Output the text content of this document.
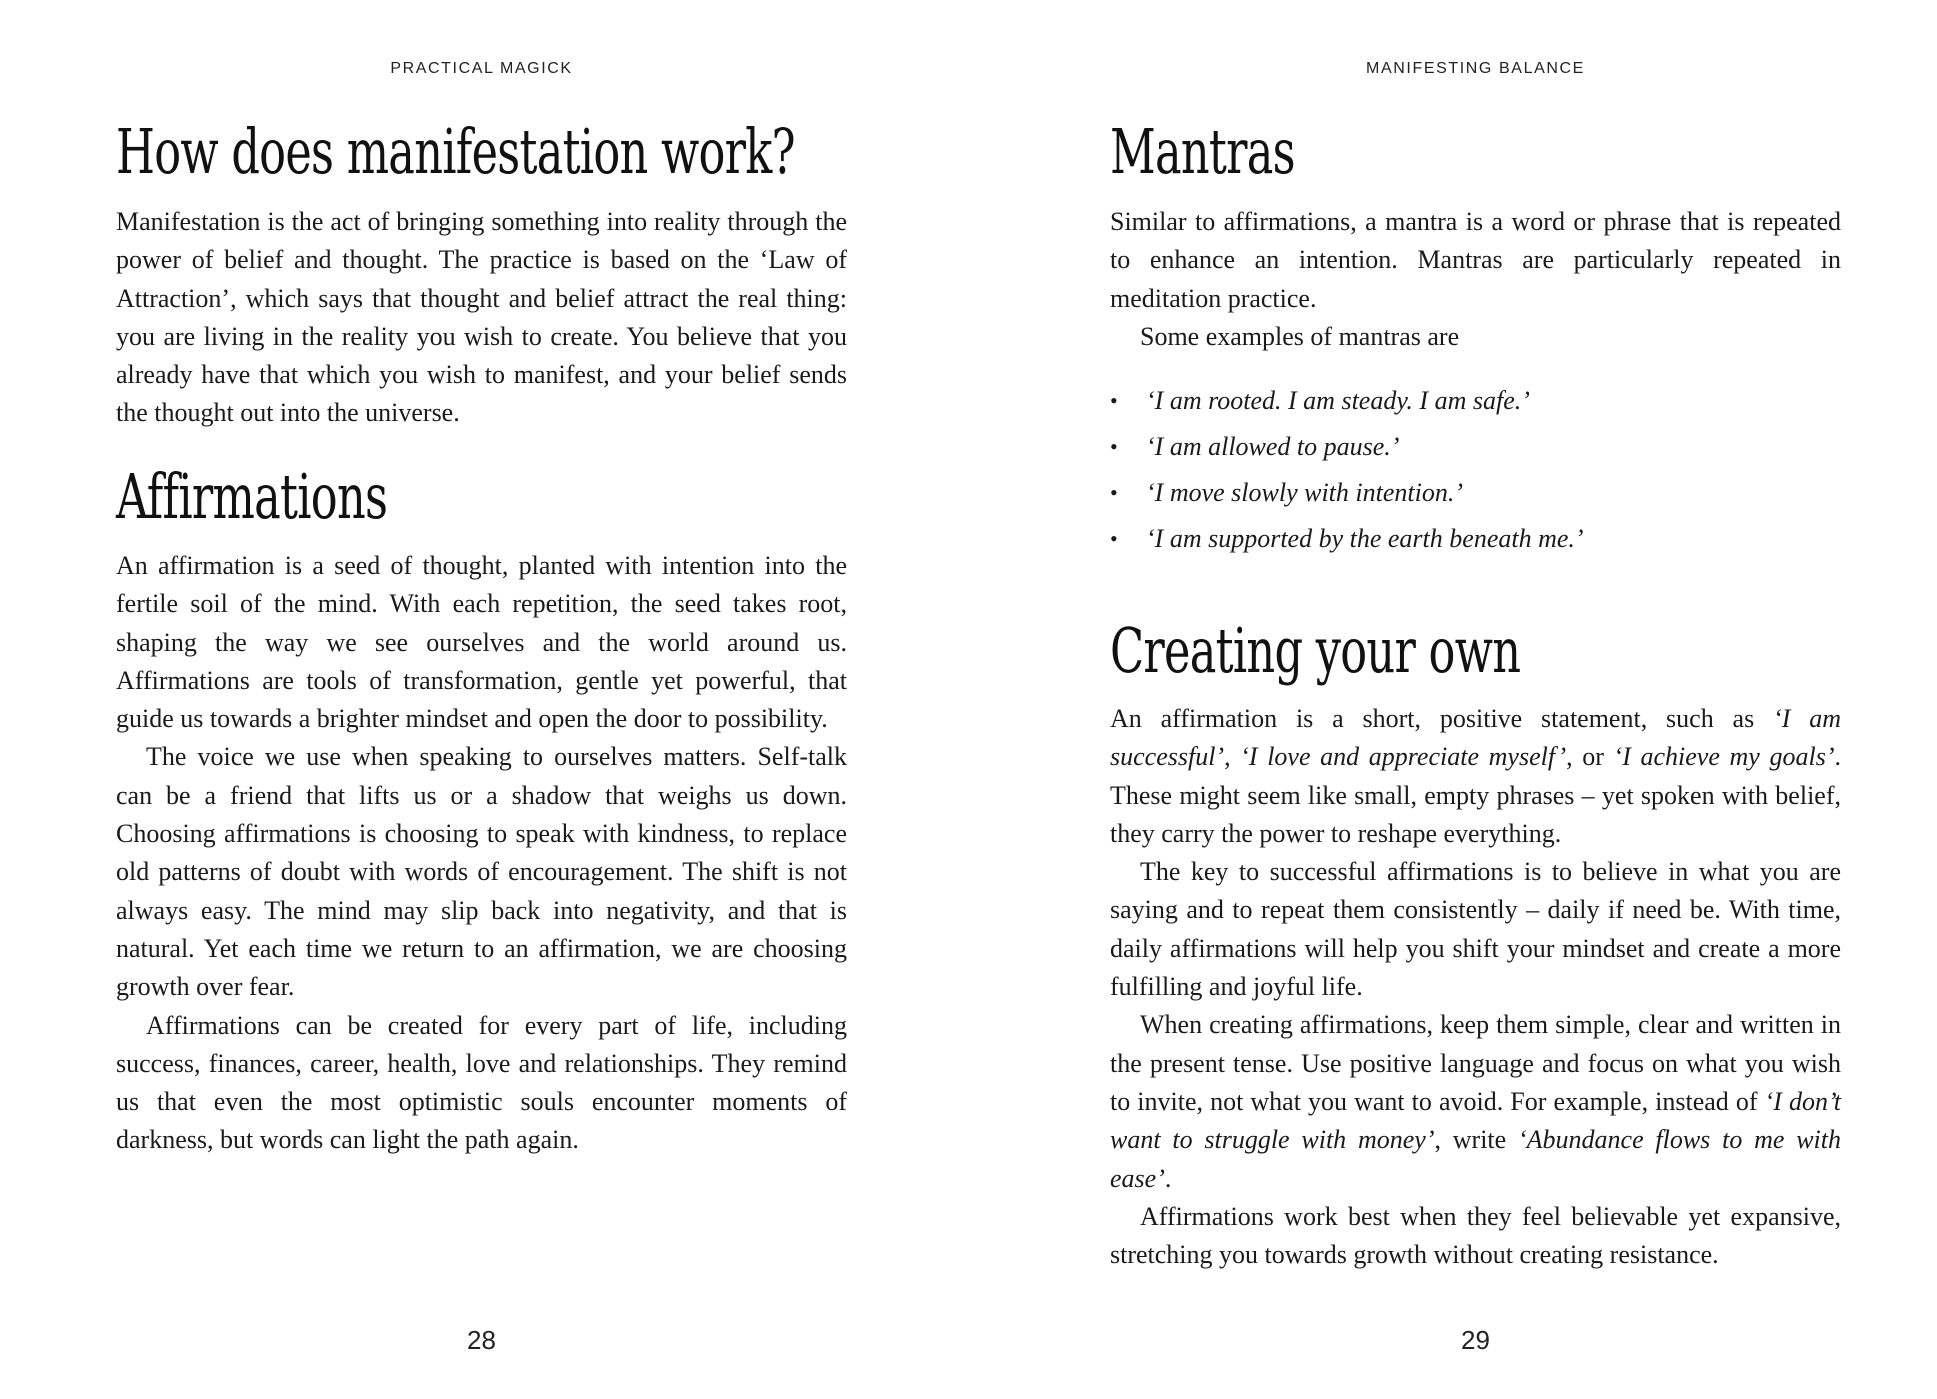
PRACTICAL MAGICK
How does manifestation work?

Manifestation is the act of bringing something into reality through the power of belief and thought. The practice is based on the ‘Law of Attraction’, which says that thought and belief attract the real thing: you are living in the reality you wish to create. You believe that you already have that which you wish to manifest, and your belief sends the thought out into the universe.

Affirmations

An affirmation is a seed of thought, planted with intention into the fertile soil of the mind. With each repetition, the seed takes root, shaping the way we see ourselves and the world around us. Affirmations are tools of transformation, gentle yet powerful, that guide us towards a brighter mindset and open the door to possibility.

The voice we use when speaking to ourselves matters. Self-talk can be a friend that lifts us or a shadow that weighs us down. Choosing affirmations is choosing to speak with kindness, to replace old patterns of doubt with words of encouragement. The shift is not always easy. The mind may slip back into negativity, and that is natural. Yet each time we return to an affirmation, we are choosing growth over fear.

Affirmations can be created for every part of life, including success, finances, career, health, love and relationships. They remind us that even the most optimistic souls encounter moments of darkness, but words can light the path again.

28
MANIFESTING BALANCE
Mantras

Similar to affirmations, a mantra is a word or phrase that is repeated to enhance an intention. Mantras are particularly repeated in meditation practice.

Some examples of mantras are

• ‘I am rooted. I am steady. I am safe.’
• ‘I am allowed to pause.’
• ‘I move slowly with intention.’
• ‘I am supported by the earth beneath me.’
Creating your own

An affirmation is a short, positive statement, such as ‘I am successful’, ‘I love and appreciate myself’, or ‘I achieve my goals’. These might seem like small, empty phrases – yet spoken with belief, they carry the power to reshape everything.

The key to successful affirmations is to believe in what you are saying and to repeat them consistently – daily if need be. With time, daily affirmations will help you shift your mindset and create a more fulfilling and joyful life.

When creating affirmations, keep them simple, clear and written in the present tense. Use positive language and focus on what you wish to invite, not what you want to avoid. For example, instead of ‘I don’t want to struggle with money’, write ‘Abundance flows to me with ease’.

Affirmations work best when they feel believable yet expansive, stretching you towards growth without creating resistance.

29
